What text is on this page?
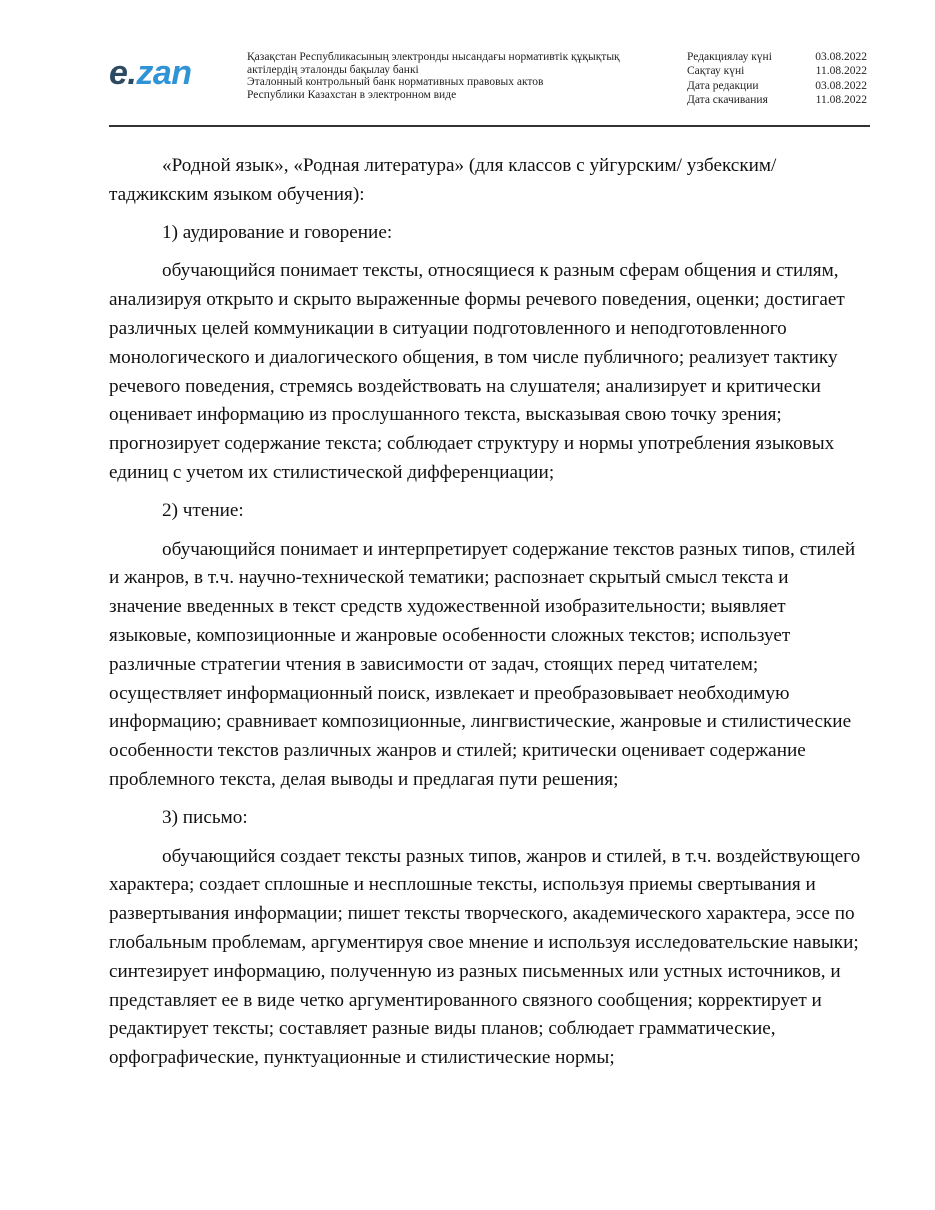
e.zan	Қазақстан Республикасының электронды нысандағы нормативтік құқықтық
актілердің эталонды бақылау банкі
Эталонный контрольный банк нормативных правовых актов
Республики Казахстан в электронном виде
Редакциялау күні	03.08.2022
Сақтау күні	11.08.2022
Дата редакции	03.08.2022
Дата скачивания	11.08.2022

«Родной язык», «Родная литература» (для классов с уйгурским/ узбекским/ таджикским языком обучения):

1) аудирование и говорение:

обучающийся понимает тексты, относящиеся к разным сферам общения и стилям, анализируя открыто и скрыто выраженные формы речевого поведения, оценки; достигает различных целей коммуникации в ситуации подготовленного и неподготовленного монологического и диалогического общения, в том числе публичного; реализует тактику речевого поведения, стремясь воздействовать на слушателя; анализирует и критически оценивает информацию из прослушанного текста, высказывая свою точку зрения; прогнозирует содержание текста; соблюдает структуру и нормы употребления языковых единиц с учетом их стилистической дифференциации;

2) чтение:

обучающийся понимает и интерпретирует содержание текстов разных типов, стилей и жанров, в т.ч. научно-технической тематики; распознает скрытый смысл текста и значение введенных в текст средств художественной изобразительности; выявляет языковые, композиционные и жанровые особенности сложных текстов; использует различные стратегии чтения в зависимости от задач, стоящих перед читателем; осуществляет информационный поиск, извлекает и преобразовывает необходимую информацию; сравнивает композиционные, лингвистические, жанровые и стилистические особенности текстов различных жанров и стилей; критически оценивает содержание проблемного текста, делая выводы и предлагая пути решения;

3) письмо:

обучающийся создает тексты разных типов, жанров и стилей, в т.ч. воздействующего характера; создает сплошные и несплошные тексты, используя приемы свертывания и развертывания информации; пишет тексты творческого, академического характера, эссе по глобальным проблемам, аргументируя свое мнение и используя исследовательские навыки; синтезирует информацию, полученную из разных письменных или устных источников, и представляет ее в виде четко аргументированного связного сообщения; корректирует и редактирует тексты; составляет разные виды планов; соблюдает грамматические, орфографические, пунктуационные и стилистические нормы;
